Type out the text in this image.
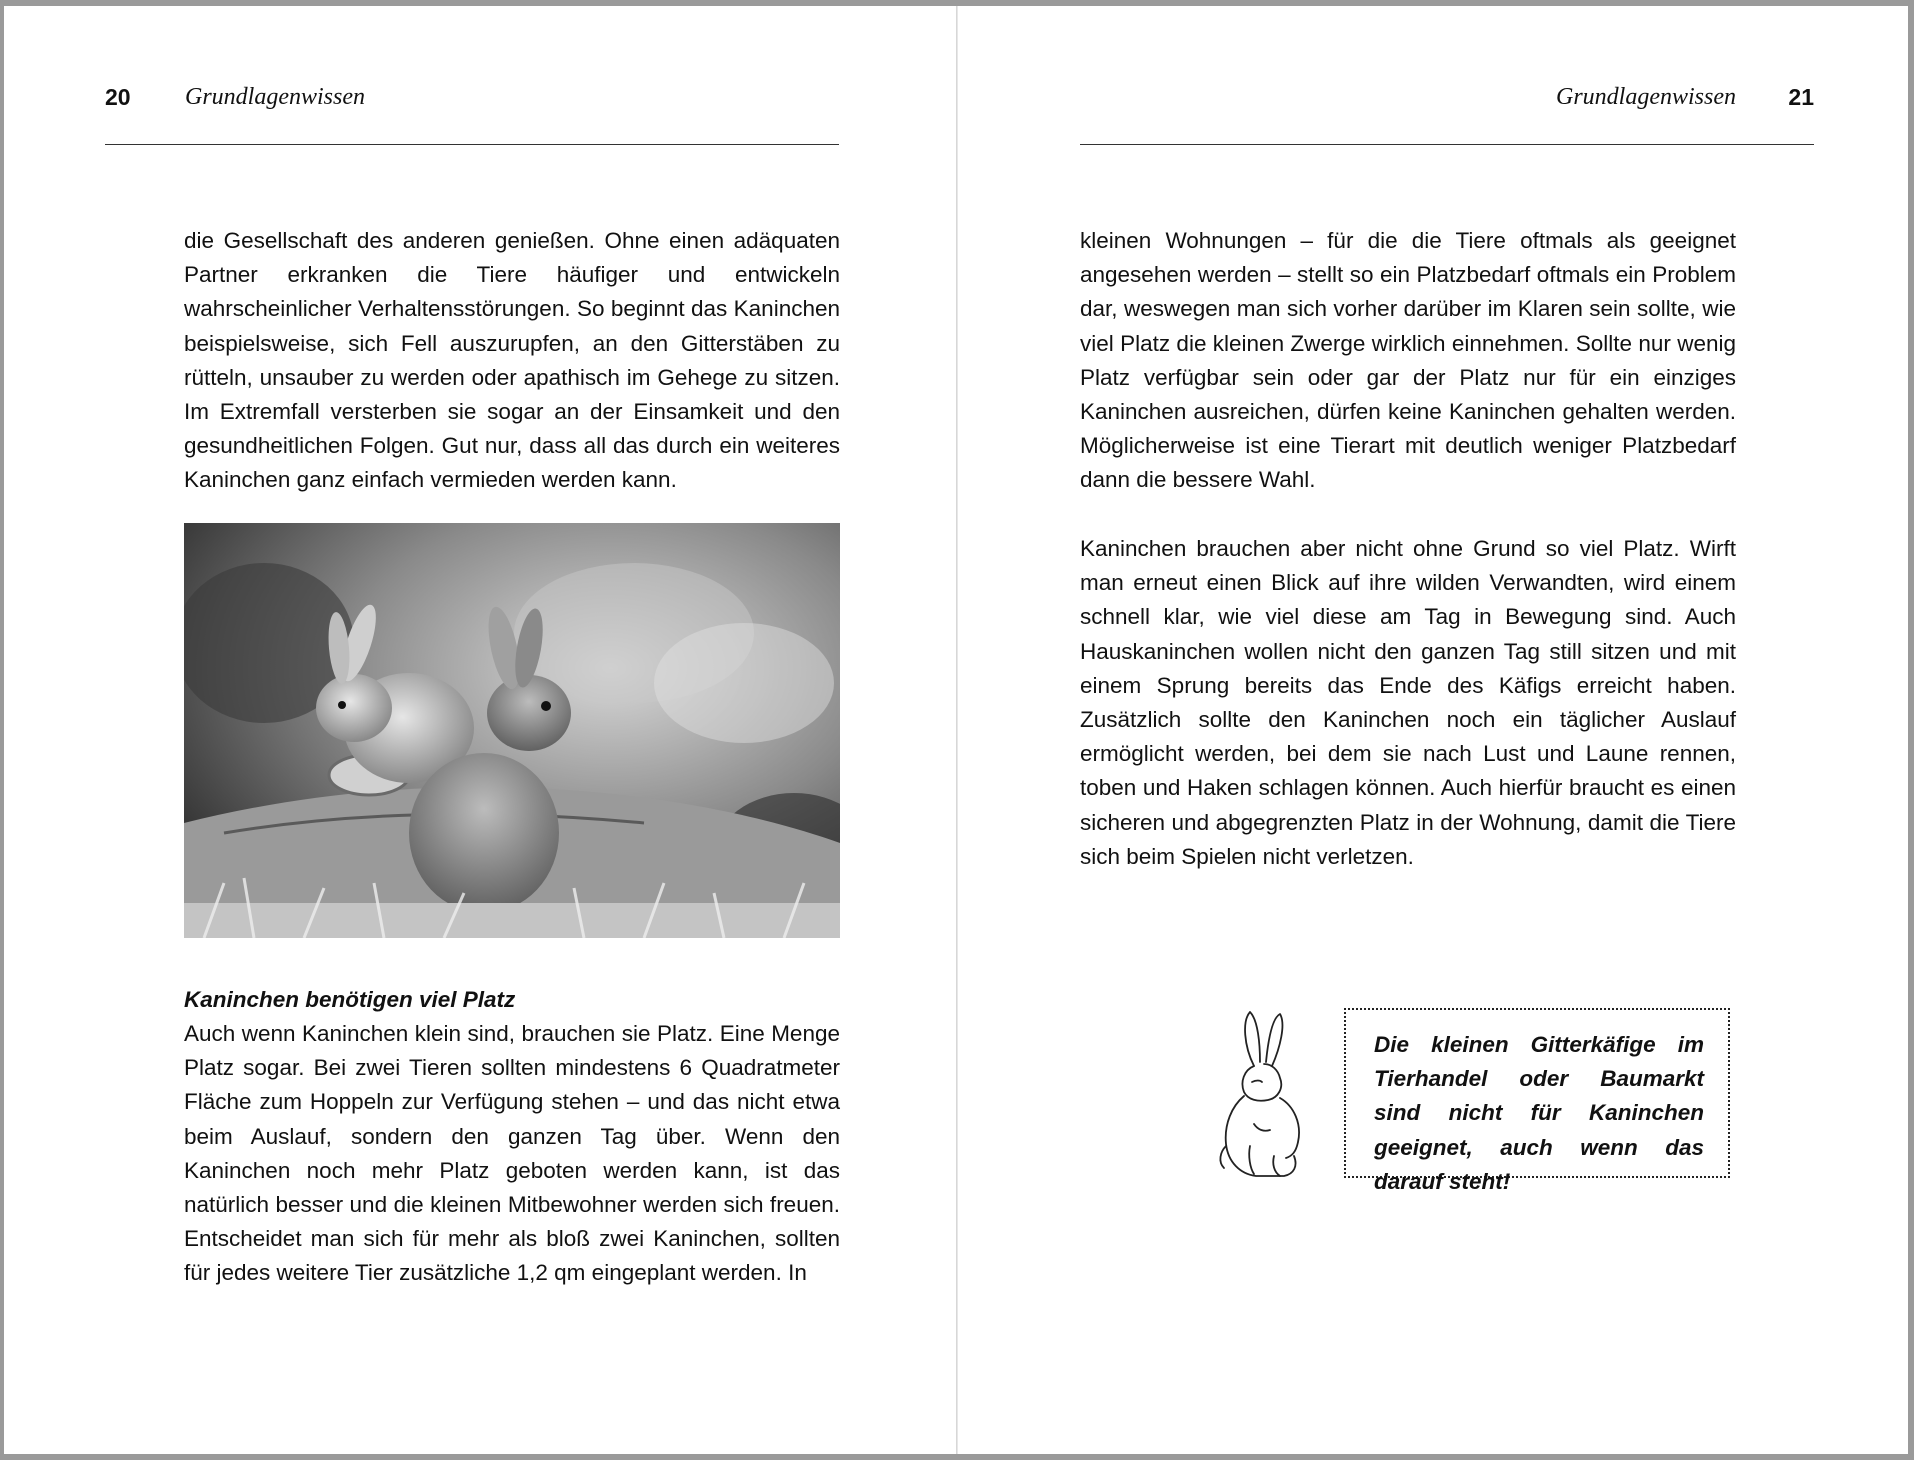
20 Grundlagenwissen

die Gesellschaft des anderen genießen. Ohne einen adäquaten Partner erkranken die Tiere häufiger und entwickeln wahrscheinlicher Verhaltensstörungen. So beginnt das Kaninchen beispielsweise, sich Fell auszurupfen, an den Gitterstäben zu rütteln, unsauber zu werden oder apathisch im Gehege zu sitzen. Im Extremfall versterben sie sogar an der Einsamkeit und den gesundheitlichen Folgen. Gut nur, dass all das durch ein weiteres Kaninchen ganz einfach vermieden werden kann.

Kaninchen benötigen viel Platz

Auch wenn Kaninchen klein sind, brauchen sie Platz. Eine Menge Platz sogar. Bei zwei Tieren sollten mindestens 6 Quadratmeter Fläche zum Hoppeln zur Verfügung stehen – und das nicht etwa beim Auslauf, sondern den ganzen Tag über. Wenn den Kaninchen noch mehr Platz geboten werden kann, ist das natürlich besser und die kleinen Mitbewohner werden sich freuen. Entscheidet man sich für mehr als bloß zwei Kaninchen, sollten für jedes weitere Tier zusätzliche 1,2 qm eingeplant werden. In

Grundlagenwissen 21

kleinen Wohnungen – für die die Tiere oftmals als geeignet angesehen werden – stellt so ein Platzbedarf oftmals ein Problem dar, weswegen man sich vorher darüber im Klaren sein sollte, wie viel Platz die kleinen Zwerge wirklich einnehmen. Sollte nur wenig Platz verfügbar sein oder gar der Platz nur für ein einziges Kaninchen ausreichen, dürfen keine Kaninchen gehalten werden. Möglicherweise ist eine Tierart mit deutlich weniger Platzbedarf dann die bessere Wahl.

Kaninchen brauchen aber nicht ohne Grund so viel Platz. Wirft man erneut einen Blick auf ihre wilden Verwandten, wird einem schnell klar, wie viel diese am Tag in Bewegung sind. Auch Hauskaninchen wollen nicht den ganzen Tag still sitzen und mit einem Sprung bereits das Ende des Käfigs erreicht haben. Zusätzlich sollte den Kaninchen noch ein täglicher Auslauf ermöglicht werden, bei dem sie nach Lust und Laune rennen, toben und Haken schlagen können. Auch hierfür braucht es einen sicheren und abgegrenzten Platz in der Wohnung, damit die Tiere sich beim Spielen nicht verletzen.

Die kleinen Gitterkäfige im Tierhandel oder Baumarkt sind nicht für Kaninchen geeignet, auch wenn das darauf steht!
